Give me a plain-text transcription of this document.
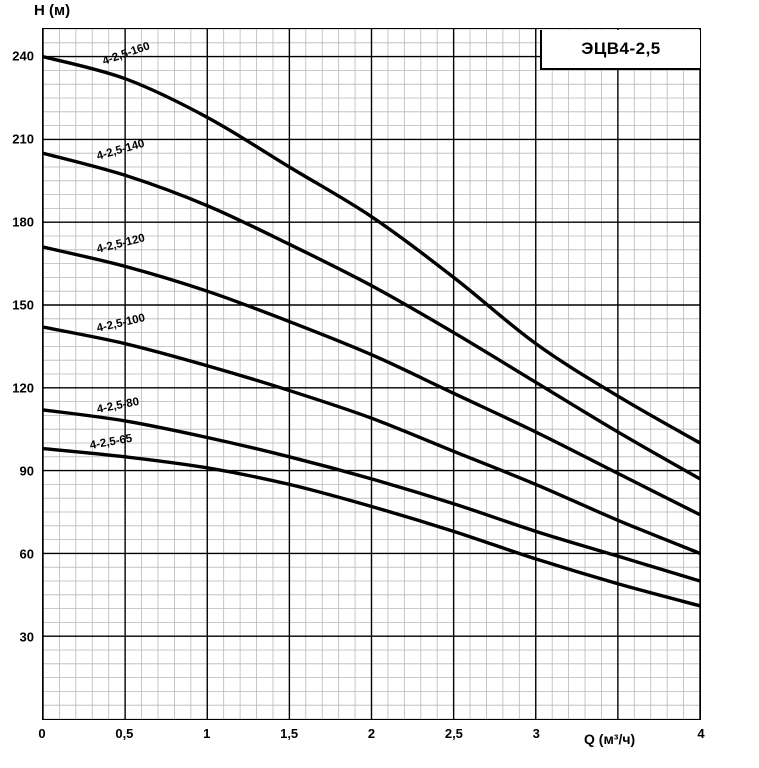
H (м)
Q (м³/ч)
30
60
90
120
150
180
210
240
0	0,5	1	1,5	2	2,5	3	4
4-2,5-160
4-2,5-140
4-2,5-120
4-2,5-100
4-2,5-80
4-2,5-65
ЭЦВ4-2,5
